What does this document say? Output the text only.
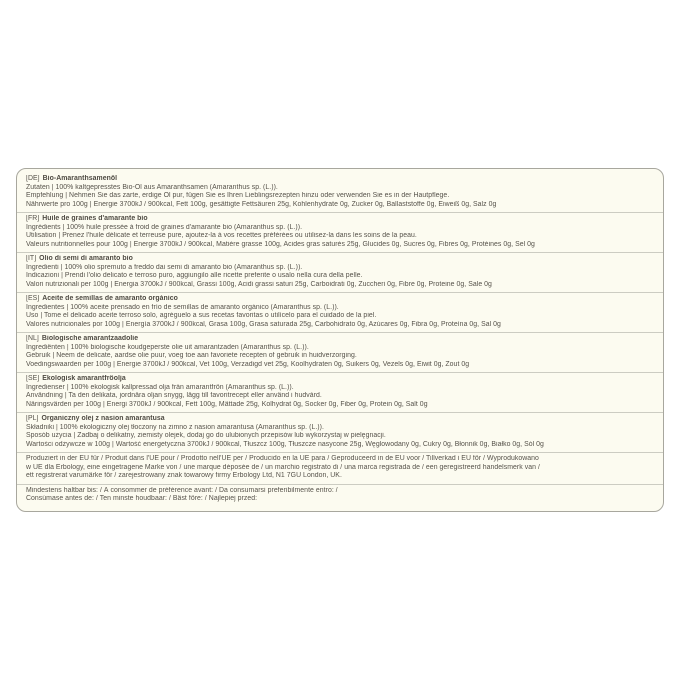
[DE] Bio-Amaranthsamenöl
Zutaten | 100% kaltgepresstes Bio-Öl aus Amaranthsamen (Amaranthus sp. (L.)).
Empfehlung | Nehmen Sie das zarte, erdige Öl pur, fügen Sie es Ihren Lieblingsrezepten hinzu oder verwenden Sie es in der Hautpflege.
Nährwerte pro 100g | Energie 3700kJ / 900kcal, Fett 100g, gesättigte Fettsäuren 25g, Kohlenhydrate 0g, Zucker 0g, Ballaststoffe 0g, Eiweiß 0g, Salz 0g
[FR] Huile de graines d'amarante bio
Ingrédients | 100% huile pressée à froid de graines d'amarante bio (Amaranthus sp. (L.)).
Utilisation | Prenez l'huile délicate et terreuse pure, ajoutez-la à vos recettes préférées ou utilisez-la dans les soins de la peau.
Valeurs nutritionnelles pour 100g | Énergie 3700kJ / 900kcal, Matière grasse 100g, Acides gras saturés 25g, Glucides 0g, Sucres 0g, Fibres 0g, Protéines 0g, Sel 0g
[IT] Olio di semi di amaranto bio
Ingredienti | 100% olio spremuto a freddo dai semi di amaranto bio (Amaranthus sp. (L.)).
Indicazioni | Prendi l'olio delicato e terroso puro, aggiungilo alle ricette preferite o usalo nella cura della pelle.
Valori nutrizionali per 100g | Energia 3700kJ / 900kcal, Grassi 100g, Acidi grassi saturi 25g, Carboidrati 0g, Zuccheri 0g, Fibre 0g, Proteine 0g, Sale 0g
[ES] Aceite de semillas de amaranto orgánico
Ingredientes | 100% aceite prensado en frío de semillas de amaranto orgánico (Amaranthus sp. (L.)).
Uso | Tome el delicado aceite terroso solo, agréguelo a sus recetas favoritas o utilícelo para el cuidado de la piel.
Valores nutricionales por 100g | Energía 3700kJ / 900kcal, Grasa 100g, Grasa saturada 25g, Carbohidrato 0g, Azúcares 0g, Fibra 0g, Proteína 0g, Sal 0g
[NL] Biologische amarantzaadolie
Ingrediënten | 100% biologische koudgeperste olie uit amarantzaden (Amaranthus sp. (L.)).
Gebruik | Neem de delicate, aardse olie puur, voeg toe aan favoriete recepten of gebruik in huidverzorging.
Voedingswaarden per 100g | Energie 3700kJ / 900kcal, Vet 100g, Verzadigd vet 25g, Koolhydraten 0g, Suikers 0g, Vezels 0g, Eiwit 0g, Zout 0g
[SE] Ekologisk amarantfröolja
Ingredienser | 100% ekologisk kallpressad olja från amarantfrön (Amaranthus sp. (L.)).
Användning | Ta den delikata, jordnära oljan snygg, lägg till favoritrecept eller använd i hudvård.
Näringsvärden per 100g | Energi 3700kJ / 900kcal, Fett 100g, Mättade 25g, Kolhydrat 0g, Socker 0g, Fiber 0g, Protein 0g, Salt 0g
[PL] Organiczny olej z nasion amarantusa
Składniki | 100% ekologiczny olej tłoczony na zimno z nasion amarantusa (Amaranthus sp. (L.)).
Sposób użycia | Zadbaj o delikatny, ziemisty olejek, dodaj go do ulubionych przepisów lub wykorzystaj w pielęgnacji.
Wartości odżywcze w 100g | Wartość energetyczna 3700kJ / 900kcal, Tłuszcz 100g, Tłuszcze nasycone 25g, Węglowodany 0g, Cukry 0g, Błonnik 0g, Białko 0g, Sól 0g
Produziert in der EU für / Produit dans l'UE pour / Prodotto nell'UE per / Producido en la UE para / Geproduceerd in de EU voor / Tillverkad i EU för / Wyprodukowano
w UE dla Erbology, eine eingetragene Marke von / une marque déposée de / un marchio registrato di / una marca registrada de / een geregistreerd handelsmerk van /
ett registrerat varumärke för / zarejestrowany znak towarowy firmy Erbology Ltd, N1 7GU London, UK.
Mindestens haltbar bis: / À consommer de préférence avant: / Da consumarsi preferibilmente entro: /
Consúmase antes de: / Ten minste houdbaar: / Bäst före: / Najlepiej przed:
